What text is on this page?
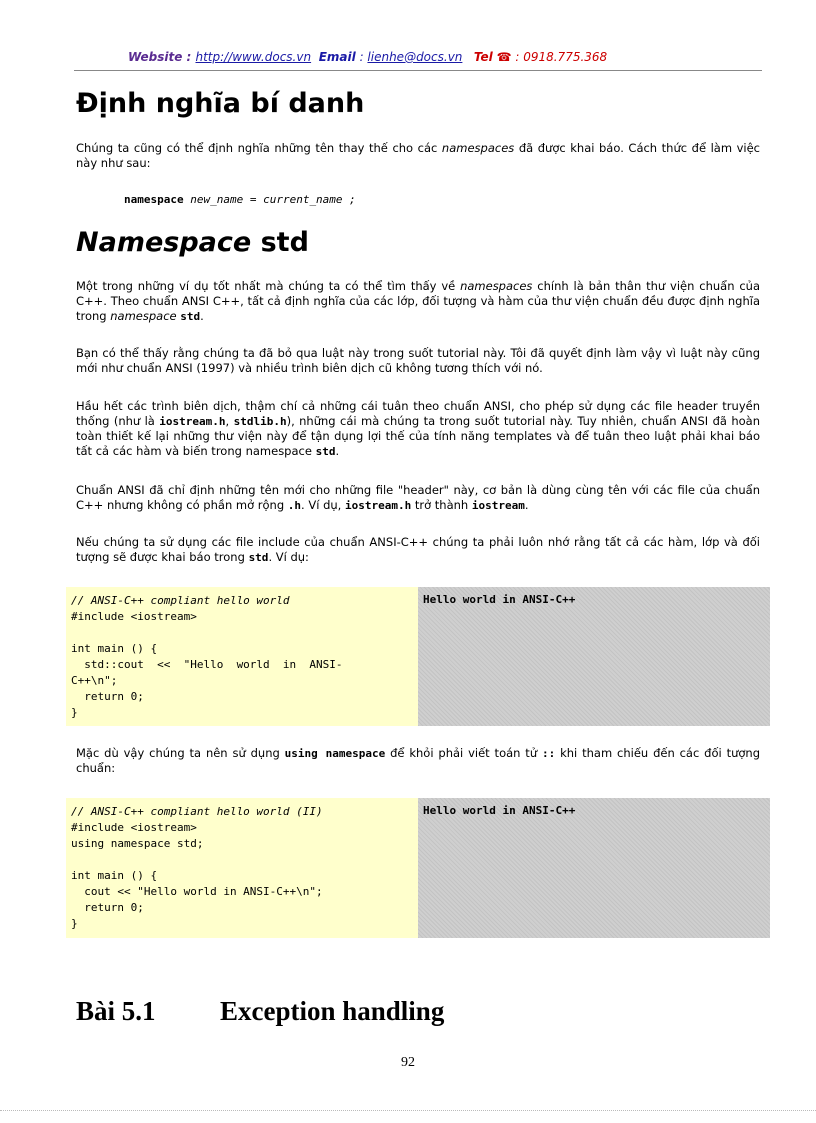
Website : http://www.docs.vn Email : lienhe@docs.vn Tel ☎ : 0918.775.368
Định nghĩa bí danh

Chúng ta cũng có thể định nghĩa những tên thay thế cho các namespaces đã được khai báo. Cách thức để làm việc này như sau:

namespace new_name = current_name ;
Namespace std

Một trong những ví dụ tốt nhất mà chúng ta có thể tìm thấy về namespaces chính là bản thân thư viện chuẩn của C++. Theo chuẩn ANSI C++, tất cả định nghĩa của các lớp, đối tượng và hàm của thư viện chuẩn đều được định nghĩa trong namespace std.

Bạn có thể thấy rằng chúng ta đã bỏ qua luật này trong suốt tutorial này. Tôi đã quyết định làm vậy vì luật này cũng mới như chuẩn ANSI (1997) và nhiều trình biên dịch cũ không tương thích với nó.

Hầu hết các trình biên dịch, thậm chí cả những cái tuân theo chuẩn ANSI, cho phép sử dụng các file header truyền thống (như là iostream.h, stdlib.h), những cái mà chúng ta trong suốt tutorial này. Tuy nhiên, chuẩn ANSI đã hoàn toàn thiết kế lại những thư viện này để tận dụng lợi thế của tính năng templates và để tuân theo luật phải khai báo tất cả các hàm và biến trong namespace std.

Chuẩn ANSI đã chỉ định những tên mới cho những file "header" này, cơ bản là dùng cùng tên với các file của chuẩn C++ nhưng không có phần mở rộng .h. Ví dụ, iostream.h trở thành iostream.

Nếu chúng ta sử dụng các file include của chuẩn ANSI-C++ chúng ta phải luôn nhớ rằng tất cả các hàm, lớp và đối tượng sẽ được khai báo trong std. Ví dụ:

// ANSI-C++ compliant hello world
#include <iostream>

int main () {
std::cout  <<  "Hello  world  in  ANSI-
C++\n";
return 0;
}
Hello world in ANSI-C++

Mặc dù vậy chúng ta nên sử dụng using namespace để khỏi phải viết toán tử :: khi tham chiếu đến các đối tượng chuẩn:

// ANSI-C++ compliant hello world (II)
#include <iostream>
using namespace std;

int main () {
cout << "Hello world in ANSI-C++\n";
return 0;
}
Hello world in ANSI-C++
Bài 5.1 Exception handling
92
